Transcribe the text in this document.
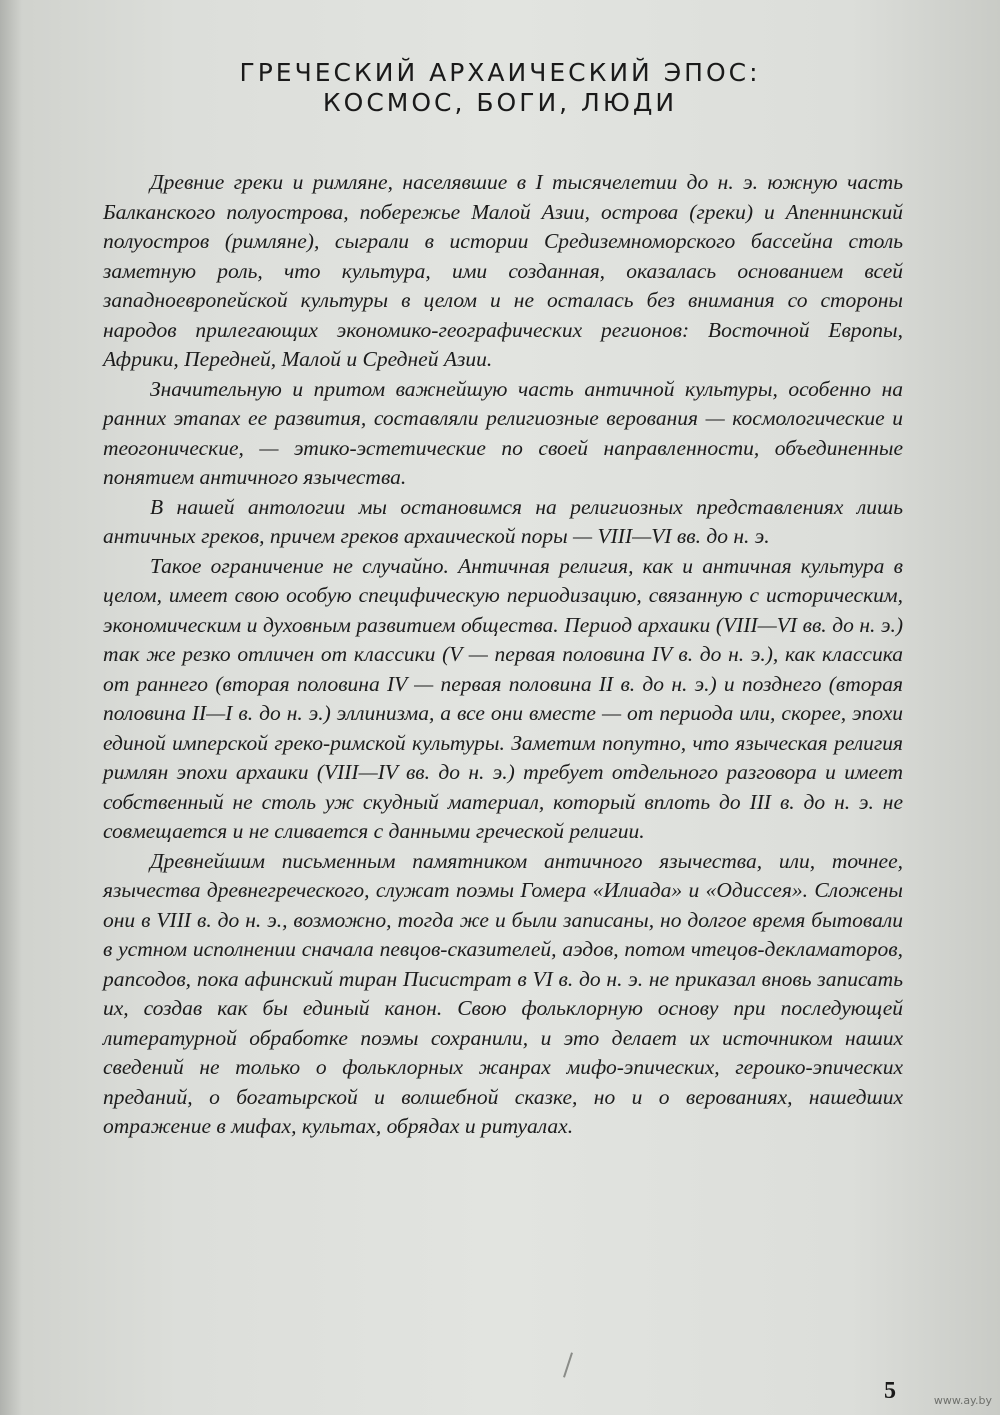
ГРЕЧЕСКИЙ АРХАИЧЕСКИЙ ЭПОС:
КОСМОС, БОГИ, ЛЮДИ

Древние греки и римляне, населявшие в I тысячелетии до н. э. южную часть Балканского полуострова, побережье Малой Азии, острова (греки) и Апеннинский полуостров (римляне), сыграли в истории Средиземноморского бассейна столь заметную роль, что культура, ими созданная, оказалась основанием всей западноевропейской культуры в целом и не осталась без внимания со стороны народов прилегающих экономико-географических регионов: Восточной Европы, Африки, Передней, Малой и Средней Азии.

Значительную и притом важнейшую часть античной культуры, особенно на ранних этапах ее развития, составляли религиозные верования — космологические и теогонические, — этико-эстетические по своей направленности, объединенные понятием античного язычества.

В нашей антологии мы остановимся на религиозных представлениях лишь античных греков, причем греков архаической поры — VIII—VI вв. до н. э.

Такое ограничение не случайно. Античная религия, как и античная культура в целом, имеет свою особую специфическую периодизацию, связанную с историческим, экономическим и духовным развитием общества. Период архаики (VIII—VI вв. до н. э.) так же резко отличен от классики (V — первая половина IV в. до н. э.), как классика от раннего (вторая половина IV — первая половина II в. до н. э.) и позднего (вторая половина II—I в. до н. э.) эллинизма, а все они вместе — от периода или, скорее, эпохи единой имперской греко-римской культуры. Заметим попутно, что языческая религия римлян эпохи архаики (VIII—IV вв. до н. э.) требует отдельного разговора и имеет собственный не столь уж скудный материал, который вплоть до III в. до н. э. не совмещается и не сливается с данными греческой религии.

Древнейшим письменным памятником античного язычества, или, точнее, язычества древнегреческого, служат поэмы Гомера «Илиада» и «Одиссея». Сложены они в VIII в. до н. э., возможно, тогда же и были записаны, но долгое время бытовали в устном исполнении сначала певцов-сказителей, аэдов, потом чтецов-декламаторов, рапсодов, пока афинский тиран Писистрат в VI в. до н. э. не приказал вновь записать их, создав как бы единый канон. Свою фольклорную основу при последующей литературной обработке поэмы сохранили, и это делает их источником наших сведений не только о фольклорных жанрах мифо-эпических, героико-эпических преданий, о богатырской и волшебной сказке, но и о верованиях, нашедших отражение в мифах, культах, обрядах и ритуалах.

5	www.ay.by
